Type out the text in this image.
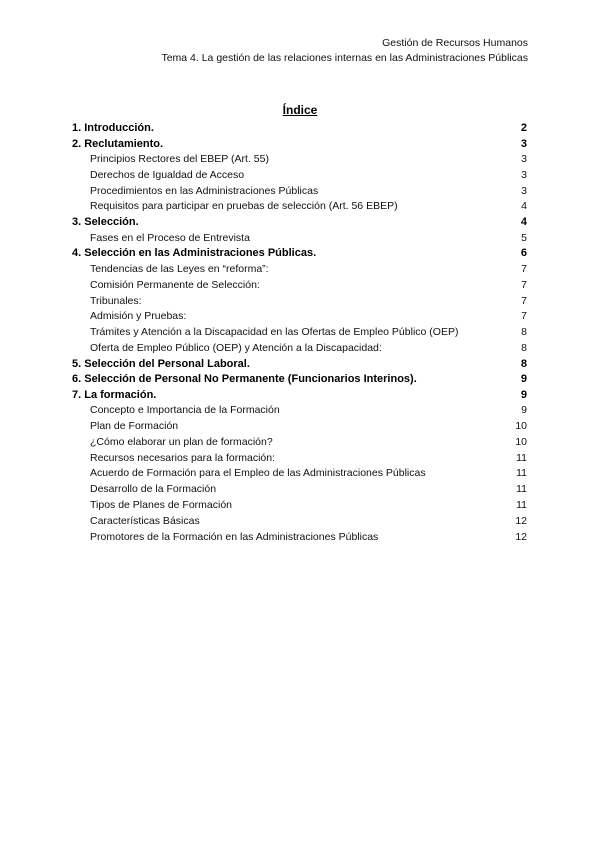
Gestión de Recursos Humanos
Tema 4. La gestión de las relaciones internas en las Administraciones Públicas
Índice
1. Introducción.	2
2. Reclutamiento.	3
Principios Rectores del EBEP (Art. 55)	3
Derechos de Igualdad de Acceso	3
Procedimientos en las Administraciones Públicas	3
Requisitos para participar en pruebas de selección (Art. 56 EBEP)	4
3. Selección.	4
Fases en el Proceso de Entrevista	5
4. Selección en las Administraciones Públicas.	6
Tendencias de las Leyes en “reforma”:	7
Comisión Permanente de Selección:	7
Tribunales:	7
Admisión y Pruebas:	7
Trámites y Atención a la Discapacidad en las Ofertas de Empleo Público (OEP)	8
Oferta de Empleo Público (OEP) y Atención a la Discapacidad:	8
5. Selección del Personal Laboral.	8
6. Selección de Personal No Permanente (Funcionarios Interinos).	9
7. La formación.	9
Concepto e Importancia de la Formación	9
Plan de Formación	10
¿Cómo elaborar un plan de formación?	10
Recursos necesarios para la formación:	11
Acuerdo de Formación para el Empleo de las Administraciones Públicas	11
Desarrollo de la Formación	11
Tipos de Planes de Formación	11
Características Básicas	12
Promotores de la Formación en las Administraciones Públicas	12
